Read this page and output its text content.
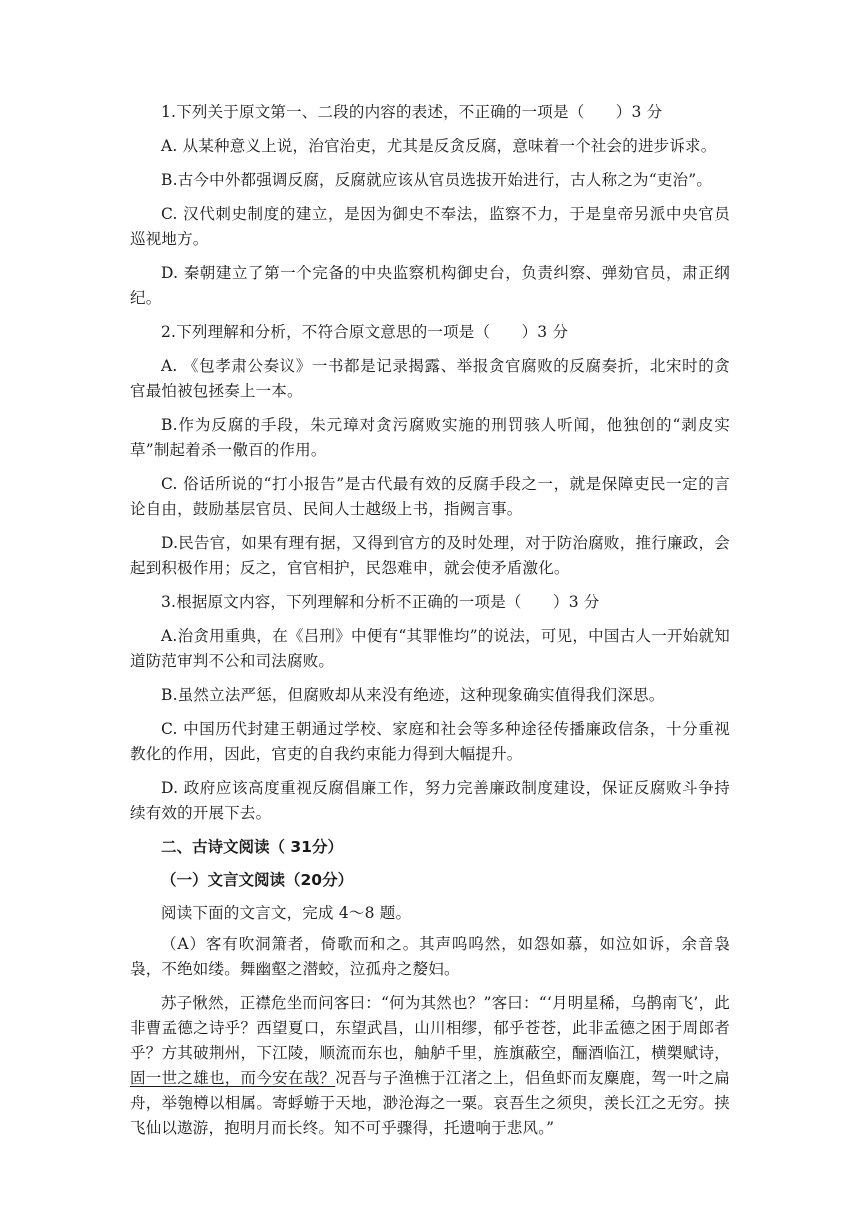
1.下列关于原文第一、二段的内容的表述，不正确的一项是（　　）3 分

A. 从某种意义上说，治官治吏，尤其是反贪反腐，意味着一个社会的进步诉求。

B.古今中外都强调反腐，反腐就应该从官员选拔开始进行，古人称之为“吏治”。

C. 汉代刺史制度的建立，是因为御史不奉法，监察不力，于是皇帝另派中央官员巡视地方。

D. 秦朝建立了第一个完备的中央监察机构御史台，负责纠察、弹劾官员，肃正纲纪。

2.下列理解和分析，不符合原文意思的一项是（　　）3 分

A. 《包孝肃公奏议》一书都是记录揭露、举报贪官腐败的反腐奏折，北宋时的贪官最怕被包拯奏上一本。

B.作为反腐的手段，朱元璋对贪污腐败实施的刑罚骇人听闻，他独创的“剥皮实草”制起着杀一儆百的作用。

C. 俗话所说的“打小报告”是古代最有效的反腐手段之一，就是保障吏民一定的言论自由，鼓励基层官员、民间人士越级上书，指阙言事。

D.民告官，如果有理有据，又得到官方的及时处理，对于防治腐败，推行廉政，会起到积极作用；反之，官官相护，民怨难申，就会使矛盾激化。

3.根据原文内容，下列理解和分析不正确的一项是（　　）3 分

A.治贪用重典，在《吕刑》中便有“其罪惟均”的说法，可见，中国古人一开始就知道防范审判不公和司法腐败。

B.虽然立法严惩，但腐败却从来没有绝迹，这种现象确实值得我们深思。

C. 中国历代封建王朝通过学校、家庭和社会等多种途径传播廉政信条，十分重视教化的作用，因此，官吏的自我约束能力得到大幅提升。

D. 政府应该高度重视反腐倡廉工作，努力完善廉政制度建设，保证反腐败斗争持续有效的开展下去。

二、古诗文阅读（ 31分）

（一）文言文阅读（20分）

阅读下面的文言文，完成 4～8 题。

（A）客有吹洞箫者，倚歌而和之。其声呜呜然，如怨如慕，如泣如诉，余音袅袅，不绝如缕。舞幽壑之潜蛟，泣孤舟之嫠妇。

苏子愀然，正襟危坐而问客曰：“何为其然也？”客曰：“‘月明星稀，乌鹊南飞’，此非曹孟德之诗乎？西望夏口，东望武昌，山川相缪，郁乎苍苍，此非孟德之困于周郎者乎？方其破荆州，下江陵，顺流而东也，舳舻千里，旌旗蔽空，酾酒临江，横槊赋诗，固一世之雄也，而今安在哉？况吾与子渔樵于江渚之上，侣鱼虾而友麋鹿，驾一叶之扁舟，举匏樽以相属。寄蜉蝣于天地，渺沧海之一粟。哀吾生之须臾，羡长江之无穷。挟飞仙以遨游，抱明月而长终。知不可乎骤得，托遗响于悲风。”
